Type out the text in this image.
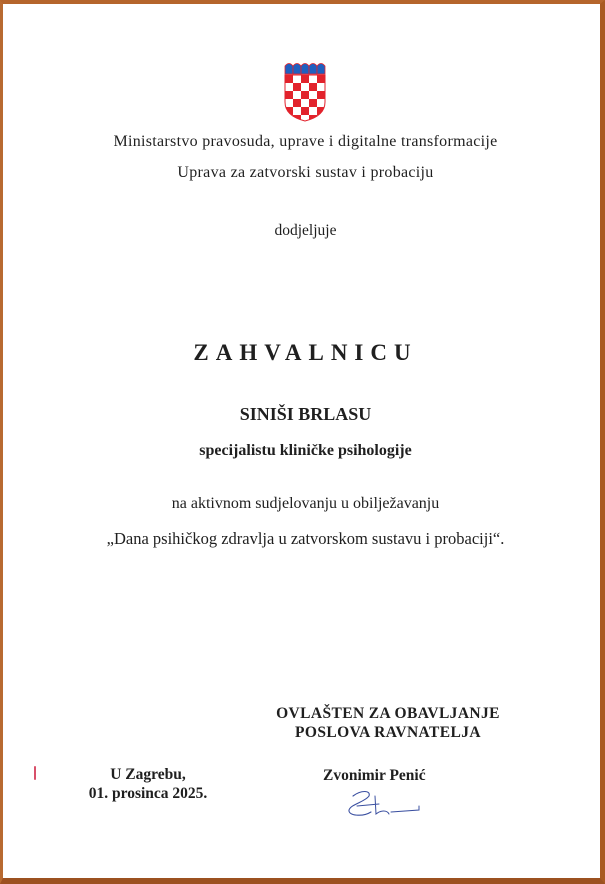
Ministarstvo pravosuda, uprave i digitalne transformacije
Uprava za zatvorski sustav i probaciju
dodjeljuje
ZAHVALNICU
SINIŠI BRLASU
specijalistu kliničke psihologije
na aktivnom sudjelovanju u obilježavanju
„Dana psihičkog zdravlja u zatvorskom sustavu i probaciji“.
OVLAŠTEN ZA OBAVLJANJE
POSLOVA RAVNATELJA
Zvonimir Penić
U Zagrebu,
01. prosinca 2025.
